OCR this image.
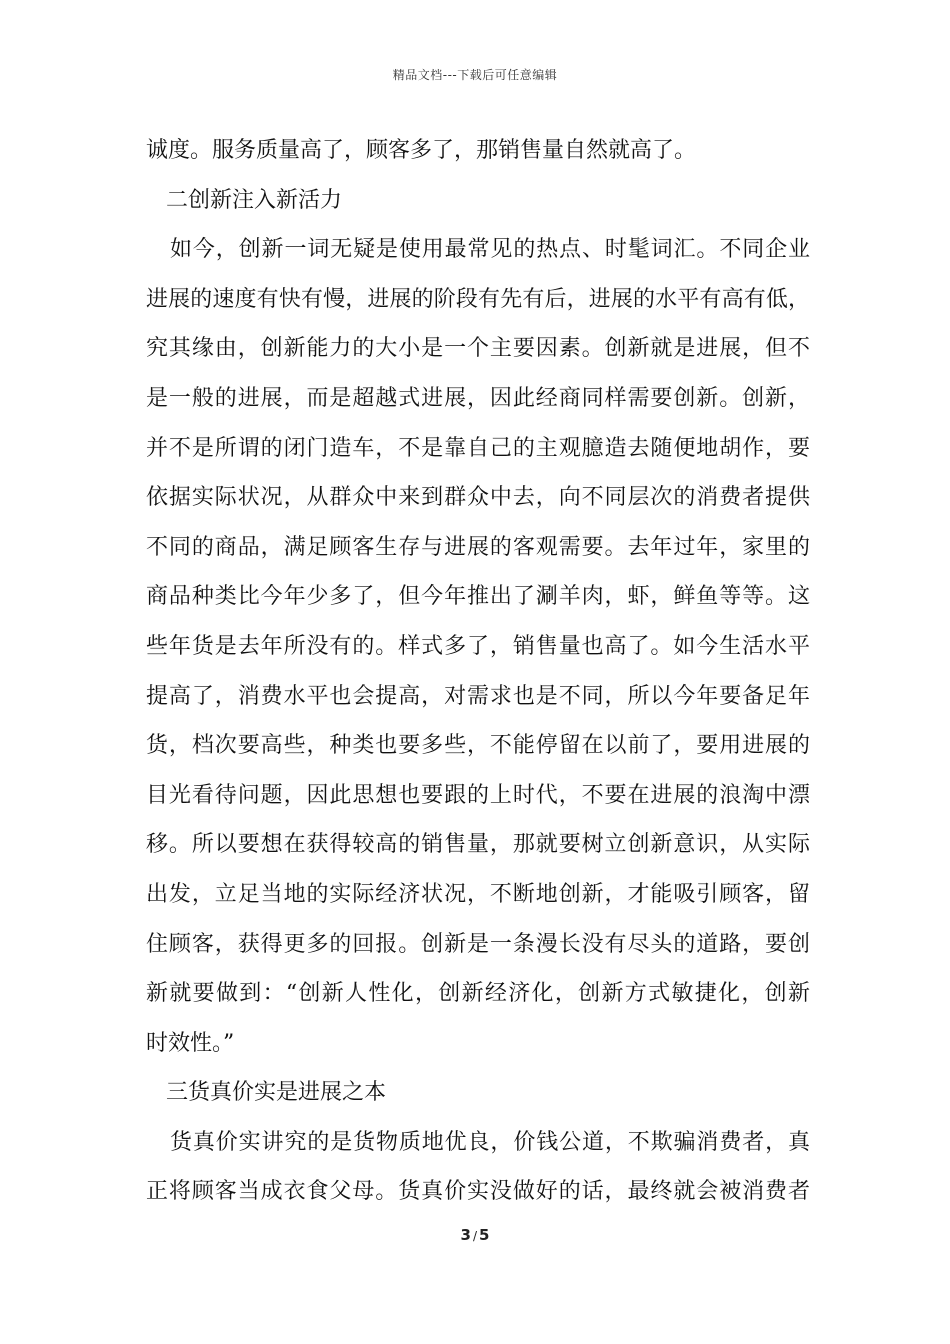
精品文档---下载后可任意编辑
诚度。服务质量高了，顾客多了，那销售量自然就高了。
二创新注入新活力
如今，创新一词无疑是使用最常见的热点、时髦词汇。不同企业
进展的速度有快有慢，进展的阶段有先有后，进展的水平有高有低，
究其缘由，创新能力的大小是一个主要因素。创新就是进展，但不
是一般的进展，而是超越式进展，因此经商同样需要创新。创新，
并不是所谓的闭门造车，不是靠自己的主观臆造去随便地胡作，要
依据实际状况，从群众中来到群众中去，向不同层次的消费者提供
不同的商品，满足顾客生存与进展的客观需要。去年过年，家里的
商品种类比今年少多了，但今年推出了涮羊肉，虾，鲜鱼等等。这
些年货是去年所没有的。样式多了，销售量也高了。如今生活水平
提高了，消费水平也会提高，对需求也是不同，所以今年要备足年
货，档次要高些，种类也要多些，不能停留在以前了，要用进展的
目光看待问题，因此思想也要跟的上时代，不要在进展的浪淘中漂
移。所以要想在获得较高的销售量，那就要树立创新意识，从实际
出发，立足当地的实际经济状况，不断地创新，才能吸引顾客，留
住顾客，获得更多的回报。创新是一条漫长没有尽头的道路，要创
新就要做到：“创新人性化，创新经济化，创新方式敏捷化，创新
时效性。”
三货真价实是进展之本
货真价实讲究的是货物质地优良，价钱公道，不欺骗消费者，真
正将顾客当成衣食父母。货真价实没做好的话，最终就会被消费者
3 / 5
